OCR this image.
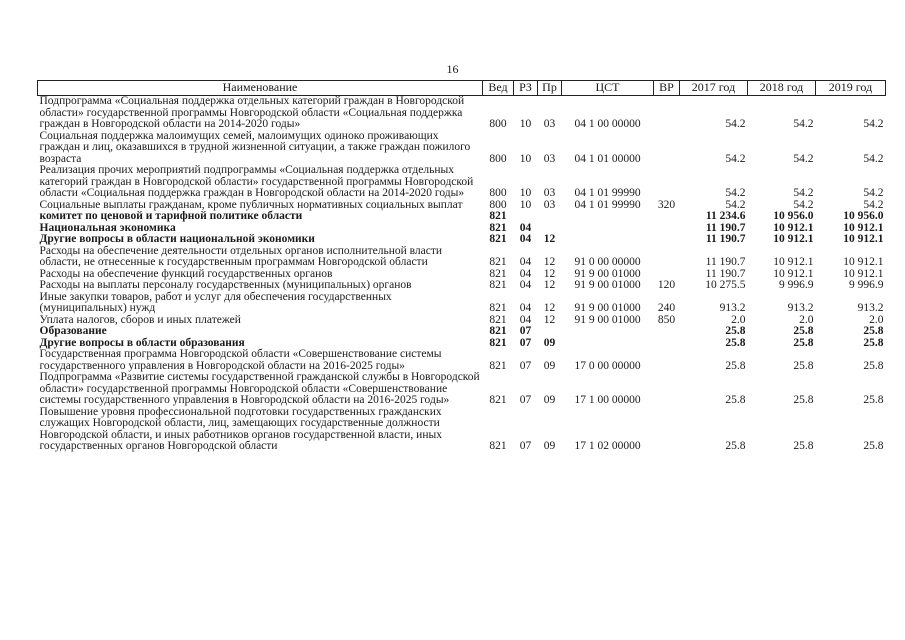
16
Наименование	Вед	РЗ	Пр	ЦСТ	ВР	2017 год	2018 год	2019 год
Подпрограмма «Социальная поддержка отдельных категорий граждан в Новгородской области» государственной программы Новгородской области «Социальная поддержка граждан в Новгородской области на 2014-2020 годы»	800	10	03	04 1 00 00000		54.2	54.2	54.2
Социальная поддержка малоимущих семей, малоимущих одиноко проживающих граждан и лиц, оказавшихся в трудной жизненной ситуации, а также граждан пожилого возраста	800	10	03	04 1 01 00000		54.2	54.2	54.2
Реализация прочих мероприятий подпрограммы «Социальная поддержка отдельных категорий граждан в Новгородской области» государственной программы Новгородской области «Социальная поддержка граждан в Новгородской области на 2014-2020 годы»	800	10	03	04 1 01 99990		54.2	54.2	54.2
Социальные выплаты гражданам, кроме публичных нормативных социальных выплат	800	10	03	04 1 01 99990	320	54.2	54.2	54.2
комитет по ценовой и тарифной политике области	821					11 234.6	10 956.0	10 956.0
Национальная экономика	821	04				11 190.7	10 912.1	10 912.1
Другие вопросы в области национальной экономики	821	04	12			11 190.7	10 912.1	10 912.1
Расходы на обеспечение деятельности отдельных органов исполнительной власти области, не отнесенные к государственным программам Новгородской области	821	04	12	91 0 00 00000		11 190.7	10 912.1	10 912.1
Расходы на обеспечение функций государственных органов	821	04	12	91 9 00 01000		11 190.7	10 912.1	10 912.1
Расходы на выплаты персоналу государственных (муниципальных) органов	821	04	12	91 9 00 01000	120	10 275.5	9 996.9	9 996.9
Иные закупки товаров, работ и услуг для обеспечения государственных (муниципальных) нужд	821	04	12	91 9 00 01000	240	913.2	913.2	913.2
Уплата налогов, сборов и иных платежей	821	04	12	91 9 00 01000	850	2.0	2.0	2.0
Образование	821	07				25.8	25.8	25.8
Другие вопросы в области образования	821	07	09			25.8	25.8	25.8
Государственная программа Новгородской области «Совершенствование системы государственного управления в Новгородской области на 2016-2025 годы»	821	07	09	17 0 00 00000		25.8	25.8	25.8
Подпрограмма «Развитие системы государственной гражданской службы в Новгородской области» государственной программы Новгородской области «Совершенствование системы государственного управления в Новгородской области на 2016-2025 годы»	821	07	09	17 1 00 00000		25.8	25.8	25.8
Повышение уровня профессиональной подготовки государственных гражданских служащих Новгородской области, лиц, замещающих государственные должности Новгородской области, и иных работников органов государственной власти, иных государственных органов Новгородской области	821	07	09	17 1 02 00000		25.8	25.8	25.8
